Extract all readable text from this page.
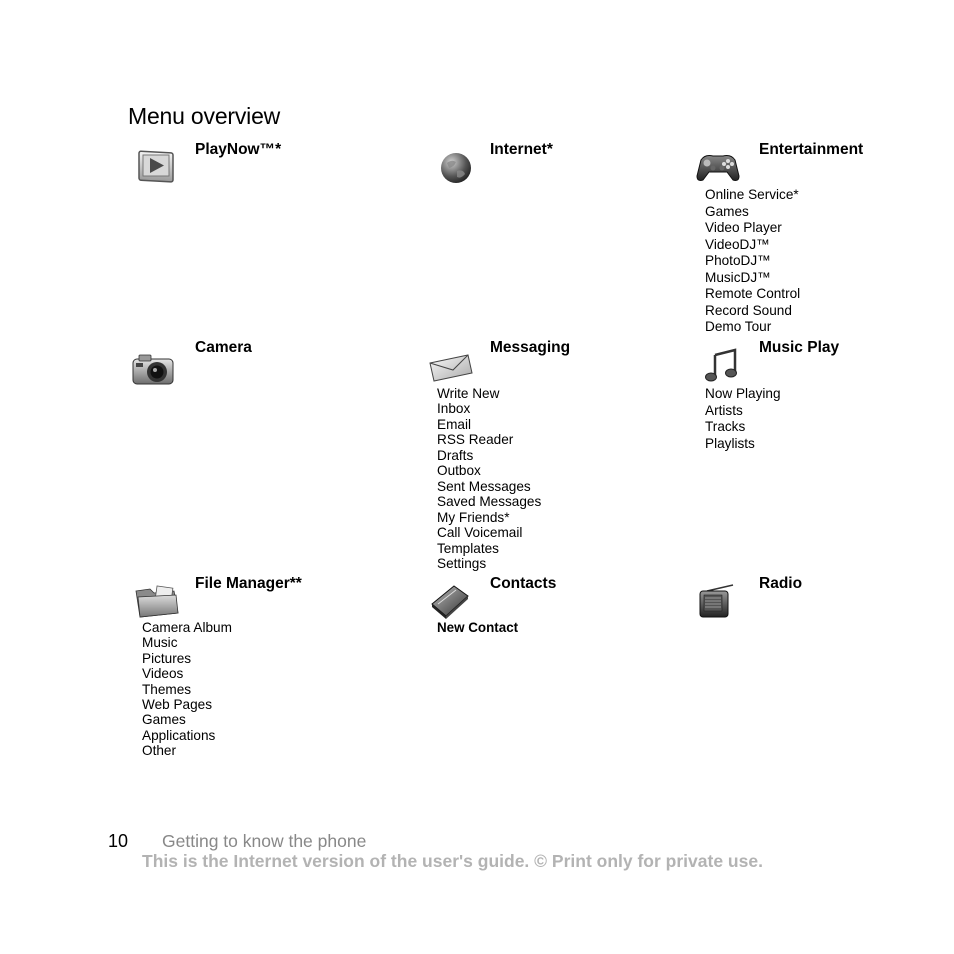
Menu overview
PlayNow™*	Internet*	Entertainment
Online Service*
Games
Video Player
VideoDJ™
PhotoDJ™
MusicDJ™
Remote Control
Record Sound
Demo Tour
Camera	Messaging
Write New
Inbox
Email
RSS Reader
Drafts
Outbox
Sent Messages
Saved Messages
My Friends*
Call Voicemail
Templates
Settings
Music Play
Now Playing
Artists
Tracks
Playlists
File Manager**
Camera Album
Music
Pictures
Videos
Themes
Web Pages
Games
Applications
Other
Contacts
New Contact
Radio
10 Getting to know the phone
This is the Internet version of the user's guide. © Print only for private use.
